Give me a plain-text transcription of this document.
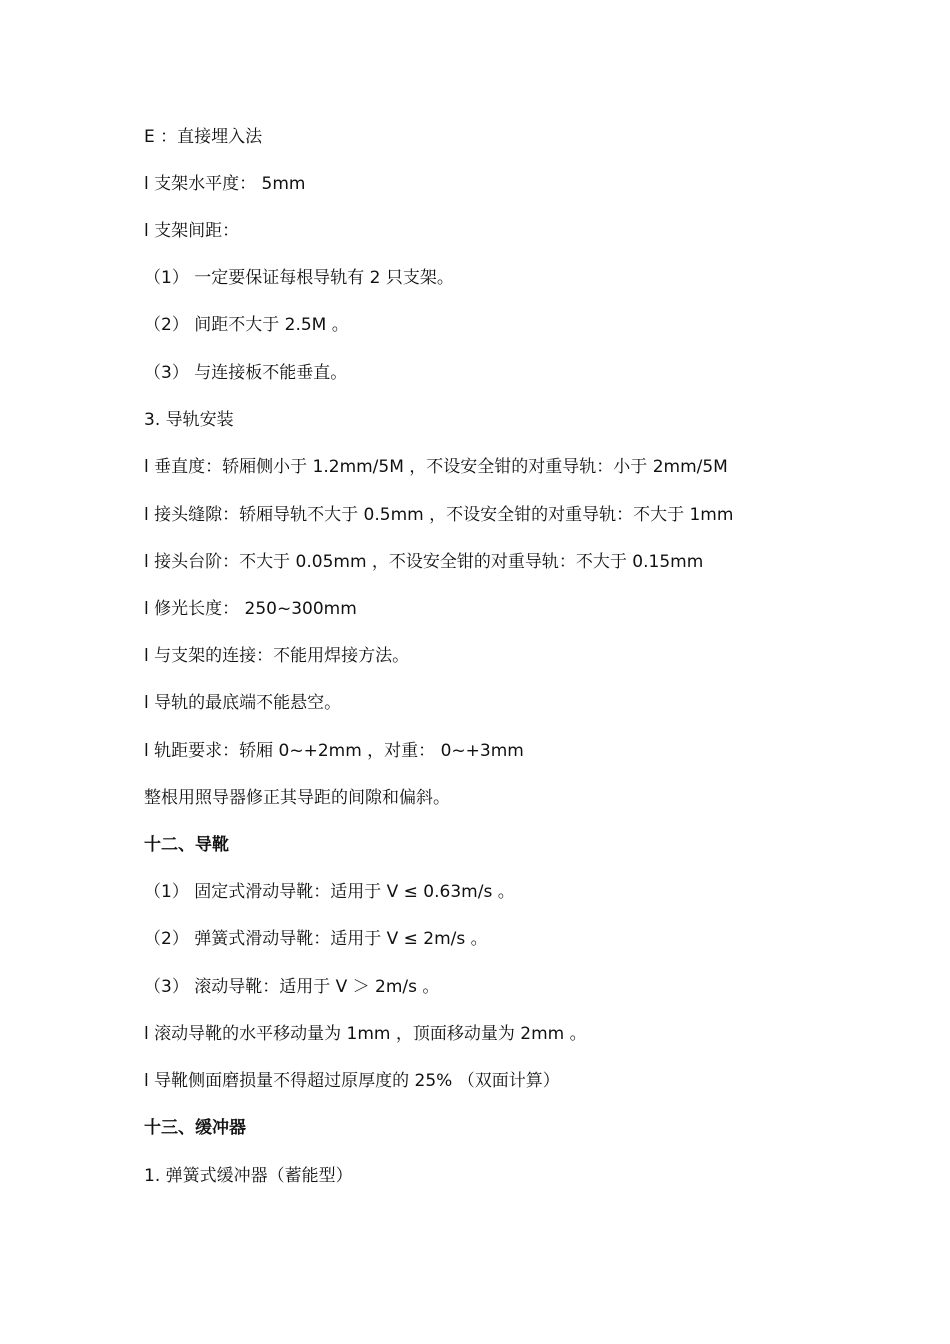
E ：直接埋入法
l 支架水平度： 5mm
l 支架间距：
（1） 一定要保证每根导轨有 2 只支架。
（2） 间距不大于 2.5M 。
（3） 与连接板不能垂直。
3. 导轨安装
l 垂直度：轿厢侧小于 1.2mm/5M ，不设安全钳的对重导轨：小于 2mm/5M
l 接头缝隙：轿厢导轨不大于 0.5mm ，不设安全钳的对重导轨：不大于 1mm
l 接头台阶：不大于 0.05mm ，不设安全钳的对重导轨：不大于 0.15mm
l 修光长度： 250~300mm
l 与支架的连接：不能用焊接方法。
l 导轨的最底端不能悬空。
l 轨距要求：轿厢 0~+2mm ，对重： 0~+3mm
整根用照导器修正其导距的间隙和偏斜。
十二、导靴
（1） 固定式滑动导靴：适用于 V ≤ 0.63m/s 。
（2） 弹簧式滑动导靴：适用于 V ≤ 2m/s 。
（3） 滚动导靴：适用于 V ＞ 2m/s 。
l 滚动导靴的水平移动量为 1mm ，顶面移动量为 2mm 。
l 导靴侧面磨损量不得超过原厚度的 25% （双面计算）
十三、缓冲器
1. 弹簧式缓冲器（蓄能型）
